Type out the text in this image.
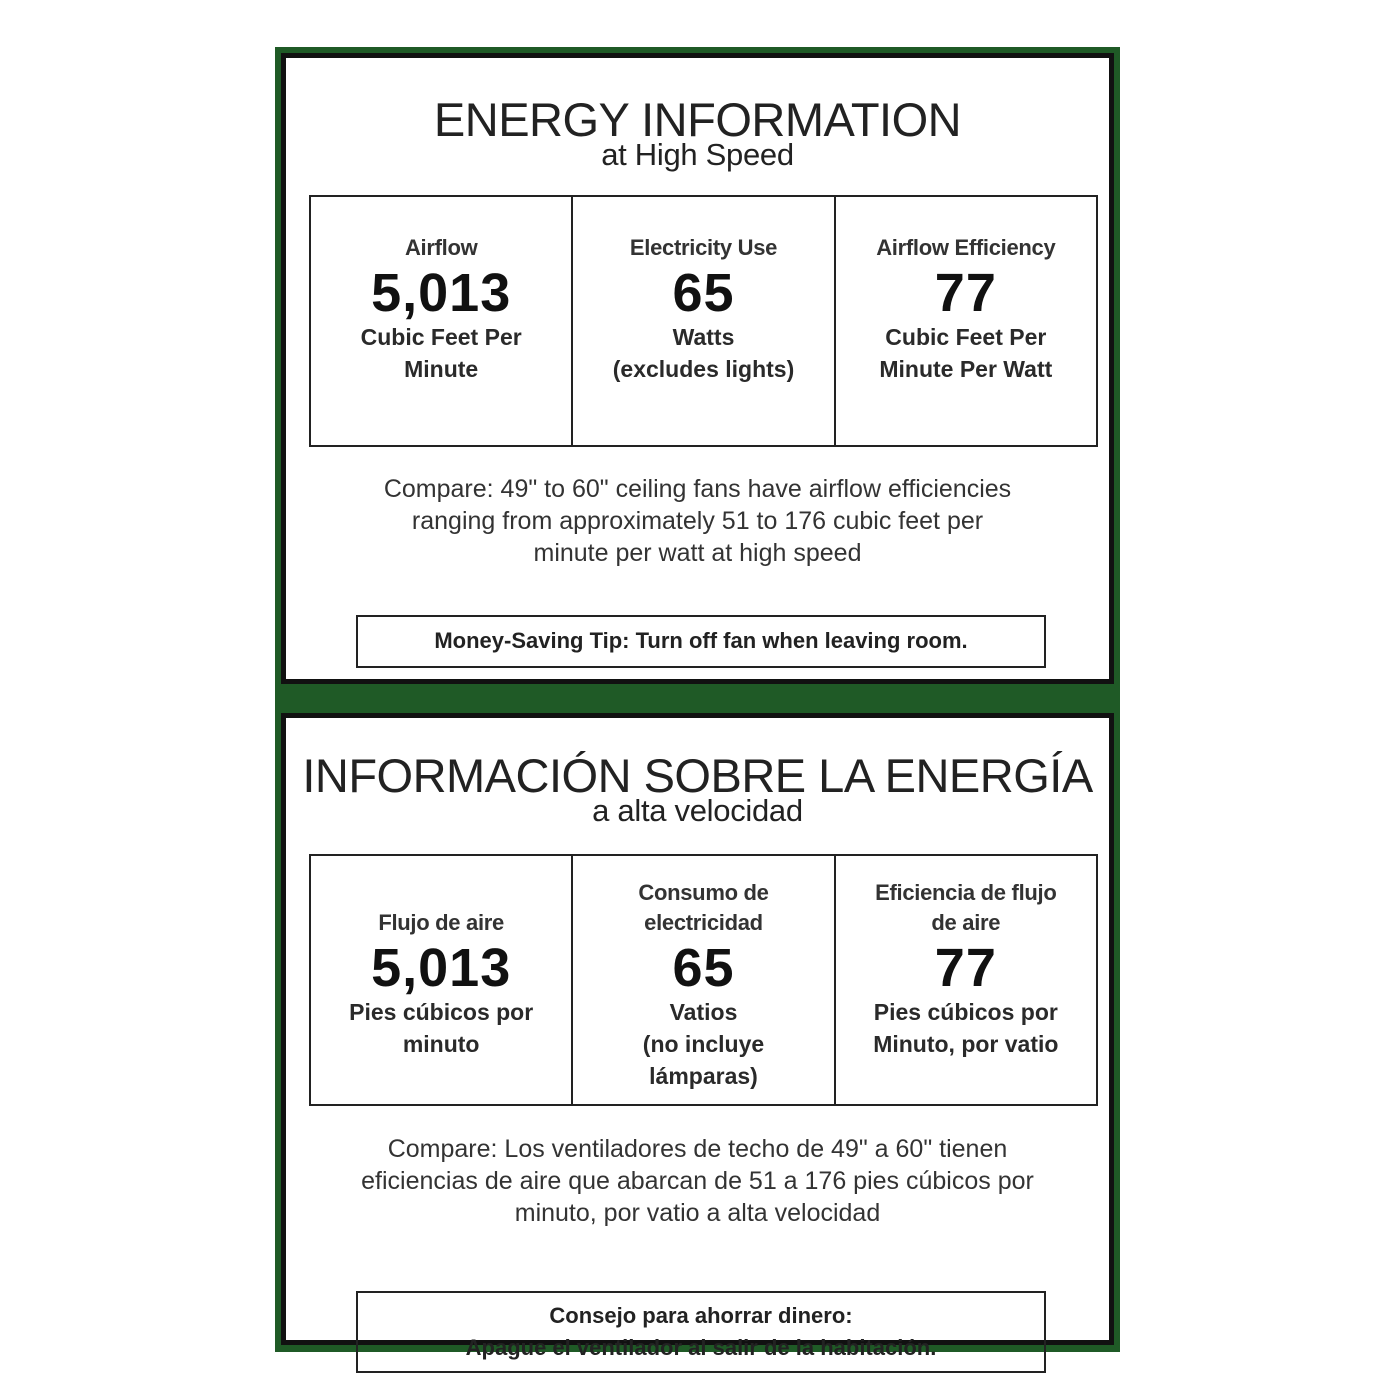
ENERGY INFORMATION
at High Speed
Airflow
5,013
Cubic Feet Per
Minute
Electricity Use
65
Watts
(excludes lights)
Airflow Efficiency
77
Cubic Feet Per
Minute Per Watt
Compare: 49" to 60" ceiling fans have airflow efficiencies
ranging from approximately 51 to 176 cubic feet per
minute per watt at high speed
Money-Saving Tip: Turn off fan when leaving room.
INFORMACIÓN SOBRE LA ENERGÍA
a alta velocidad
Flujo de aire
5,013
Pies cúbicos por
minuto
Consumo de
electricidad
65
Vatios
(no incluye
lámparas)
Eficiencia de flujo
de aire
77
Pies cúbicos por
Minuto, por vatio
Compare: Los ventiladores de techo de 49" a 60" tienen
eficiencias de aire que abarcan de 51 a 176 pies cúbicos por
minuto, por vatio a alta velocidad
Consejo para ahorrar dinero:
Apague el ventilador al salir de la habitación.
